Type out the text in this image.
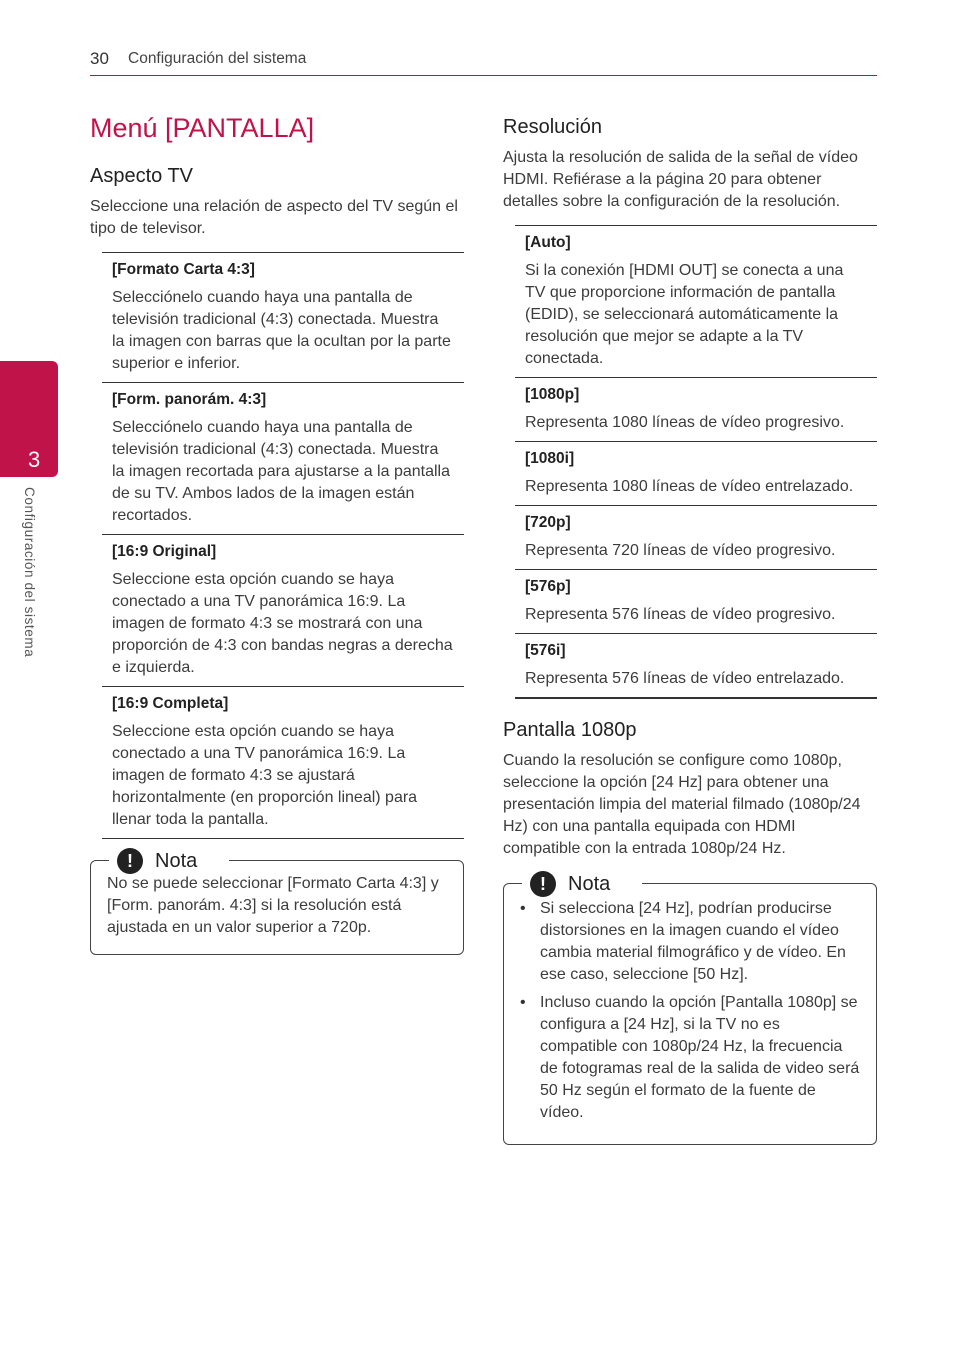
30 Configuración del sistema
3
Configuración del sistema
Menú [PANTALLA]
Aspecto TV

Seleccione una relación de aspecto del TV según el tipo de televisor.

[Formato Carta 4:3]
Selecciónelo cuando haya una pantalla de televisión tradicional (4:3) conectada. Muestra la imagen con barras que la ocultan por la parte superior e inferior.
[Form. panorám. 4:3]
Selecciónelo cuando haya una pantalla de televisión tradicional (4:3) conectada. Muestra la imagen recortada para ajustarse a la pantalla de su TV. Ambos lados de la imagen están recortados.
[16:9 Original]
Seleccione esta opción cuando se haya conectado a una TV panorámica 16:9. La imagen de formato 4:3 se mostrará con una proporción de 4:3 con bandas negras a derecha e izquierda.
[16:9 Completa]
Seleccione esta opción cuando se haya conectado a una TV panorámica 16:9. La imagen de formato 4:3 se ajustará horizontalmente (en proporción lineal) para llenar toda la pantalla.
!	Nota
No se puede seleccionar [Formato Carta 4:3] y [Form. panorám. 4:3] si la resolución está ajustada en un valor superior a 720p.
Resolución

Ajusta la resolución de salida de la señal de vídeo HDMI. Refiérase a la página 20 para obtener detalles sobre la configuración de la resolución.

[Auto]
Si la conexión [HDMI OUT] se conecta a una TV que proporcione información de pantalla (EDID), se seleccionará automáticamente la resolución que mejor se adapte a la TV conectada.
[1080p]
Representa 1080 líneas de vídeo progresivo.
[1080i]
Representa 1080 líneas de vídeo entrelazado.
[720p]
Representa 720 líneas de vídeo progresivo.
[576p]
Representa 576 líneas de vídeo progresivo.
[576i]
Representa 576 líneas de vídeo entrelazado.
Pantalla 1080p

Cuando la resolución se configure como 1080p, seleccione la opción [24 Hz] para obtener una presentación limpia del material filmado (1080p/24 Hz) con una pantalla equipada con HDMI compatible con la entrada 1080p/24 Hz.

!	Nota
• Si selecciona [24 Hz], podrían producirse distorsiones en la imagen cuando el vídeo cambia material filmográfico y de vídeo. En ese caso, seleccione [50 Hz].
• Incluso cuando la opción [Pantalla 1080p] se configura a [24 Hz], si la TV no es compatible con 1080p/24 Hz, la frecuencia de fotogramas real de la salida de video será 50 Hz según el formato de la fuente de vídeo.
